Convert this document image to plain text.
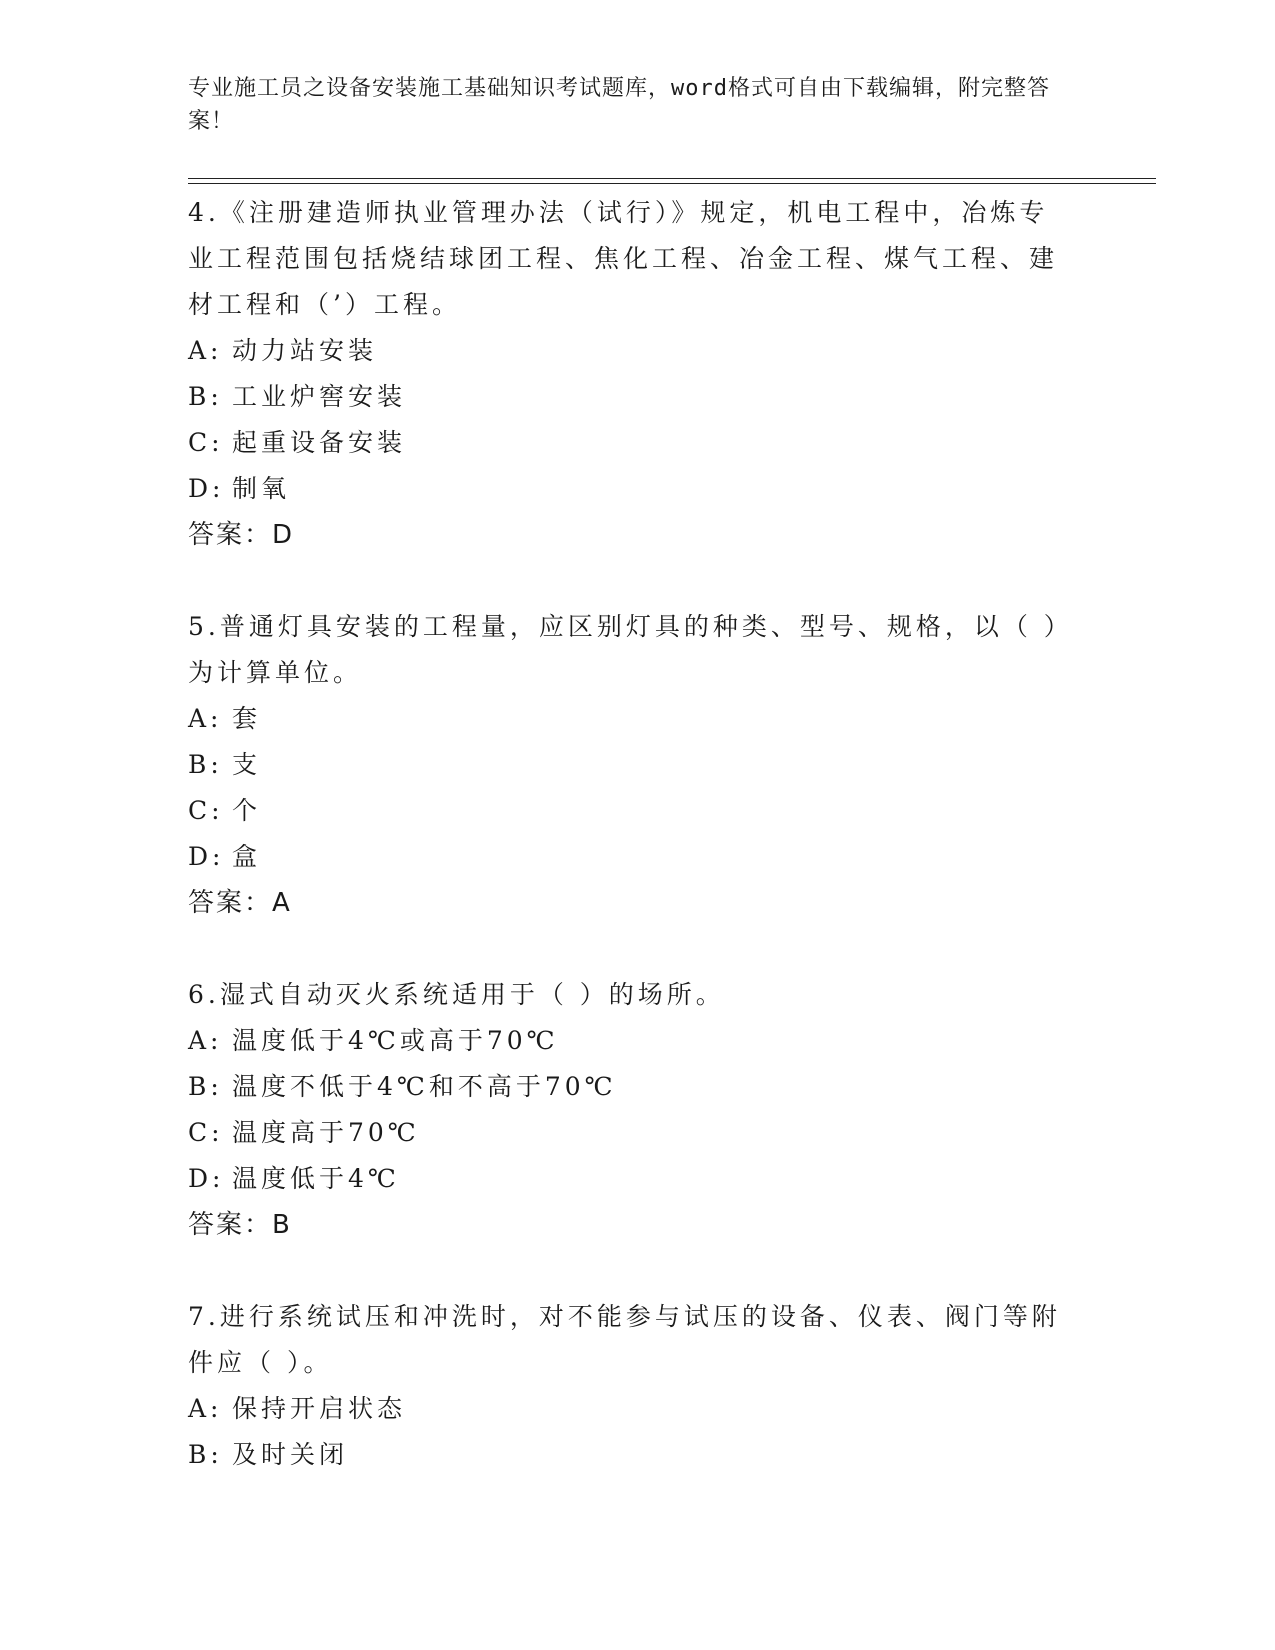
专业施工员之设备安装施工基础知识考试题库，word格式可自由下载编辑，附完整答案！

4.《注册建造师执业管理办法（试行）》规定，机电工程中，冶炼专业工程范围包括烧结球团工程、焦化工程、冶金工程、煤气工程、建材工程和（’）工程。

A: 动力站安装

B: 工业炉窖安装

C: 起重设备安装

D: 制氧

答案：D

5.普通灯具安装的工程量，应区别灯具的种类、型号、规格，以（ ）为计算单位。

A: 套

B: 支

C: 个

D: 盒

答案：A

6.湿式自动灭火系统适用于（ ）的场所。

A: 温度低于4℃或高于70℃

B: 温度不低于4℃和不高于70℃

C: 温度高于70℃

D: 温度低于4℃

答案：B

7.进行系统试压和冲洗时，对不能参与试压的设备、仪表、阀门等附件应（ ）。

A: 保持开启状态

B: 及时关闭
